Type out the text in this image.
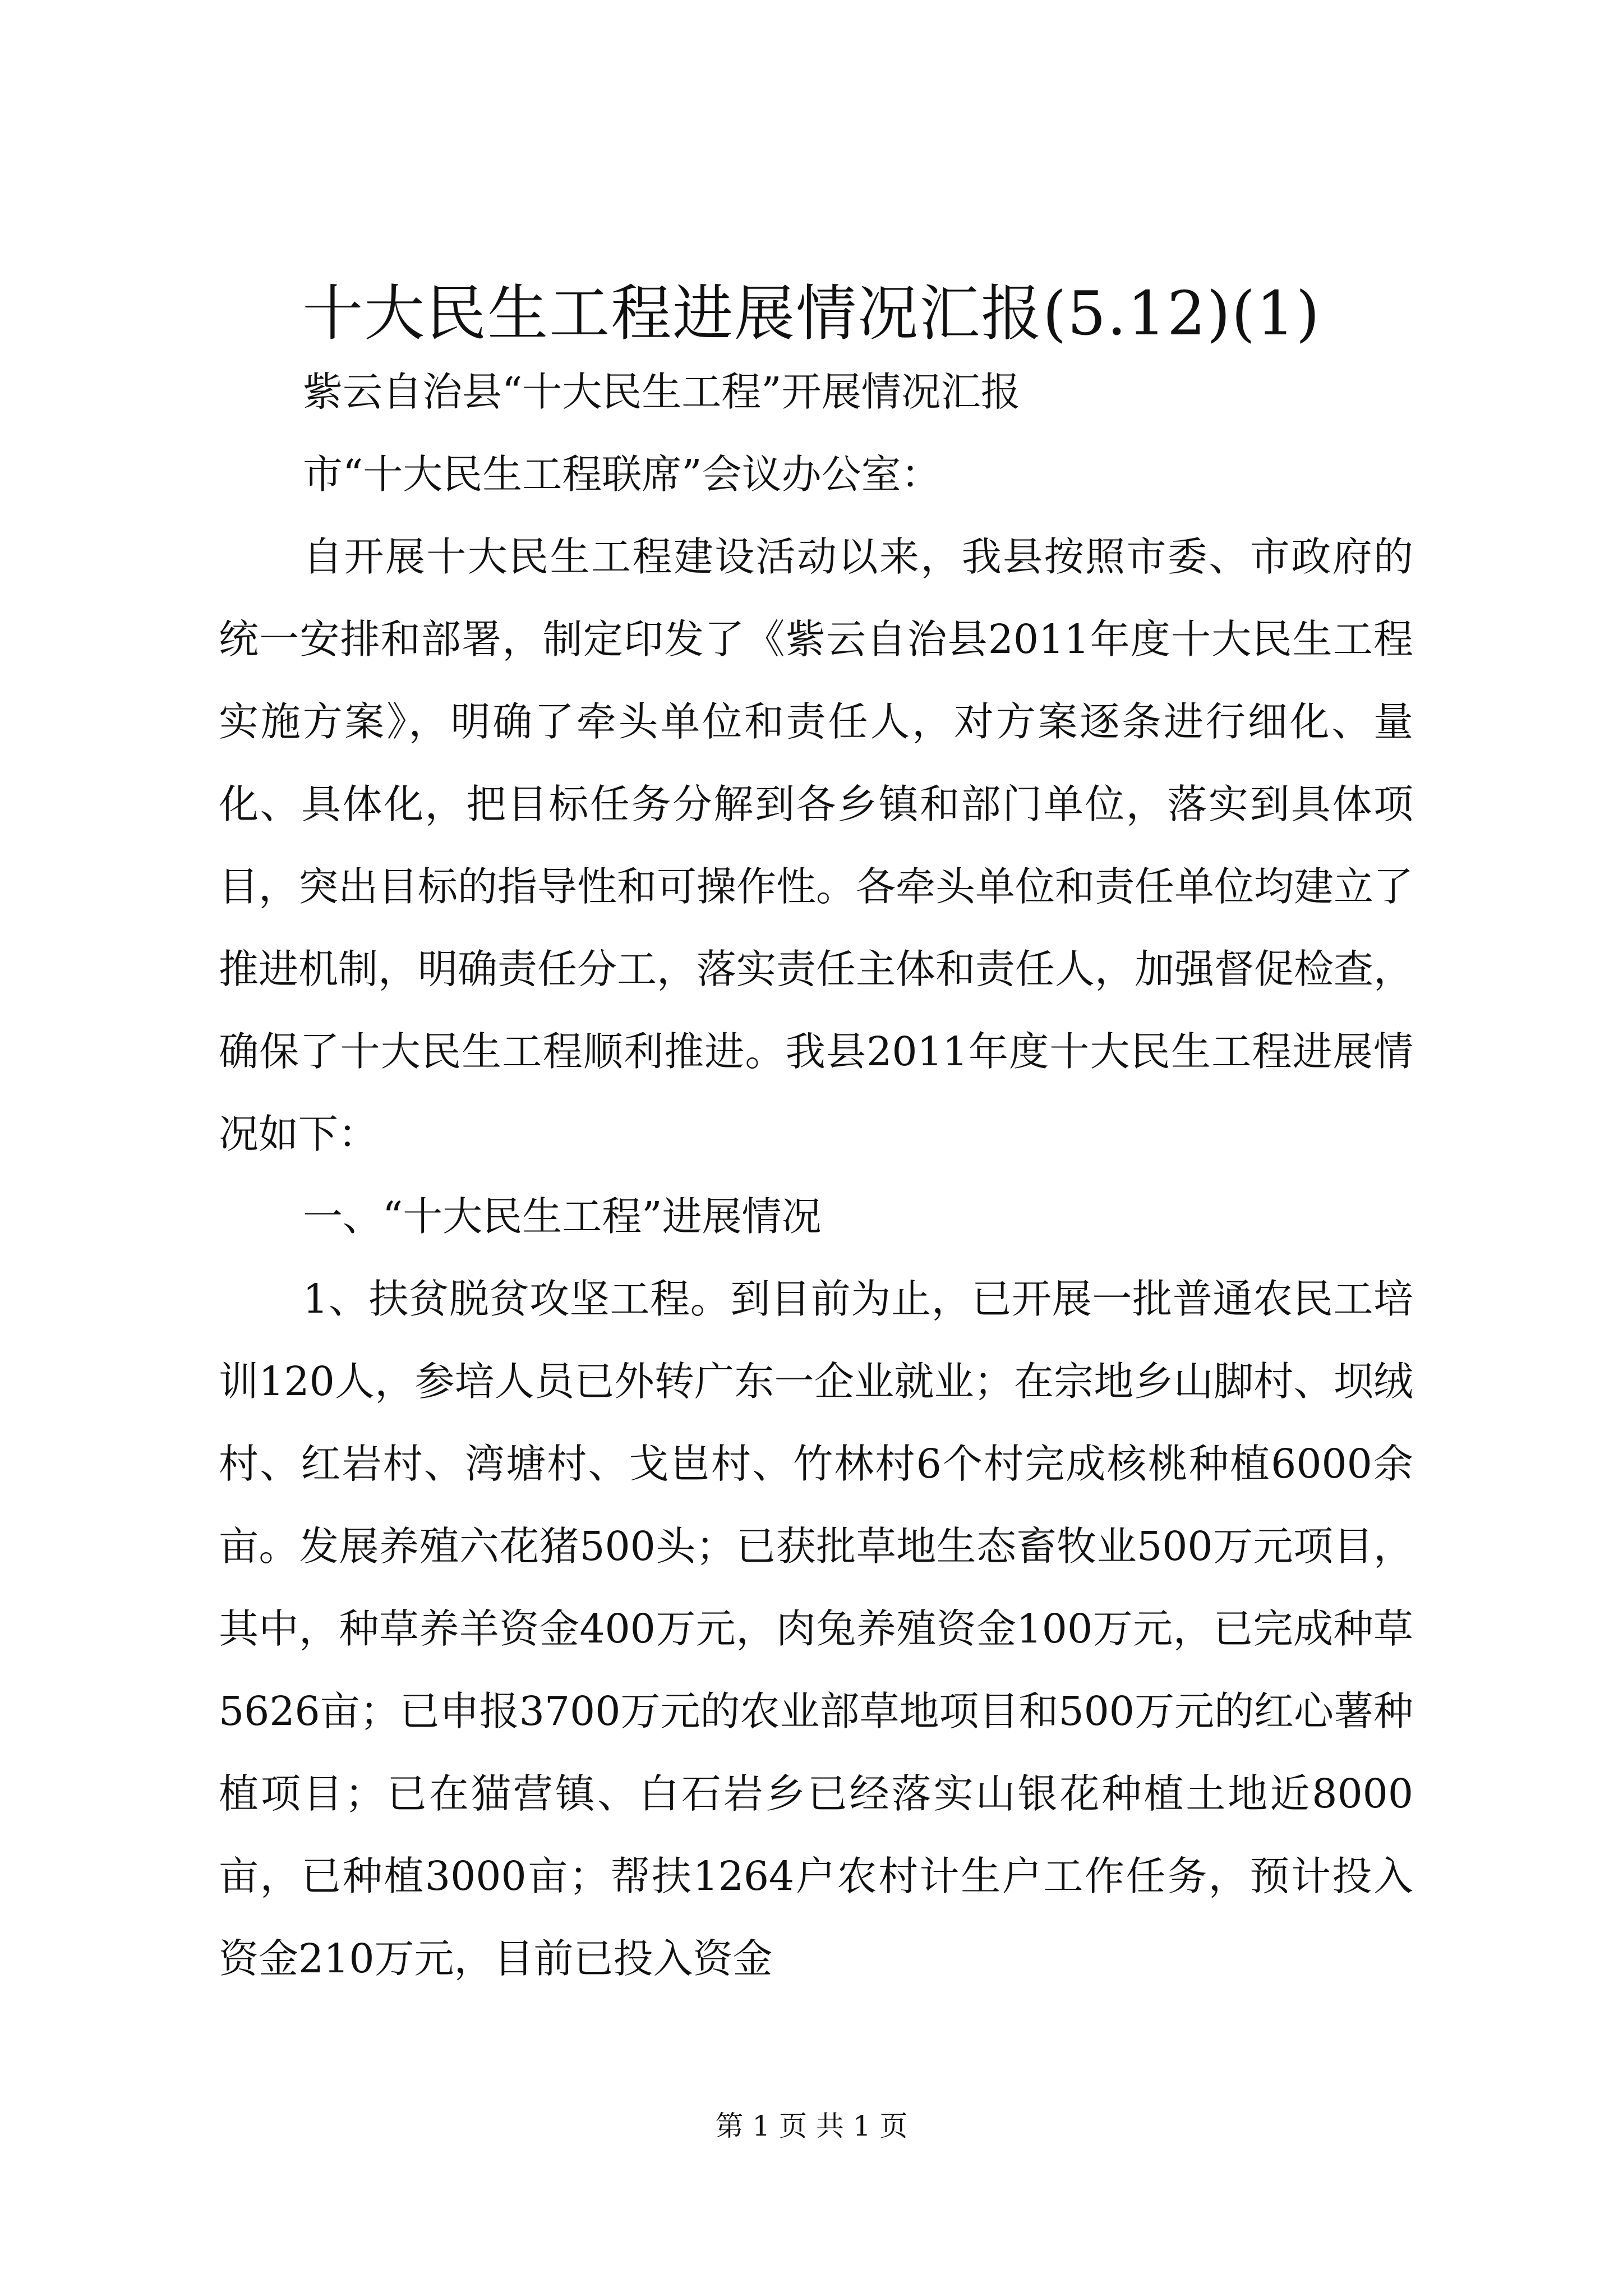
十大民生工程进展情况汇报(5.12)(1)

紫云自治县“十大民生工程”开展情况汇报

市“十大民生工程联席”会议办公室：

自开展十大民生工程建设活动以来，我县按照市委、市政府的统一安排和部署，制定印发了《紫云自治县2011年度十大民生工程实施方案》，明确了牵头单位和责任人，对方案逐条进行细化、量化、具体化，把目标任务分解到各乡镇和部门单位，落实到具体项目，突出目标的指导性和可操作性。各牵头单位和责任单位均建立了推进机制，明确责任分工，落实责任主体和责任人，加强督促检查，确保了十大民生工程顺利推进。我县2011年度十大民生工程进展情况如下：

一、“十大民生工程”进展情况

1、扶贫脱贫攻坚工程。到目前为止，已开展一批普通农民工培训120人，参培人员已外转广东一企业就业；在宗地乡山脚村、坝绒村、红岩村、湾塘村、戈岜村、竹林村6个村完成核桃种植6000余亩。发展养殖六花猪500头；已获批草地生态畜牧业500万元项目，其中，种草养羊资金400万元，肉兔养殖资金100万元，已完成种草5626亩；已申报3700万元的农业部草地项目和500万元的红心薯种植项目；已在猫营镇、白石岩乡已经落实山银花种植土地近8000亩，已种植3000亩；帮扶1264户农村计生户工作任务，预计投入资金210万元，目前已投入资金

第 1 页 共 1 页
